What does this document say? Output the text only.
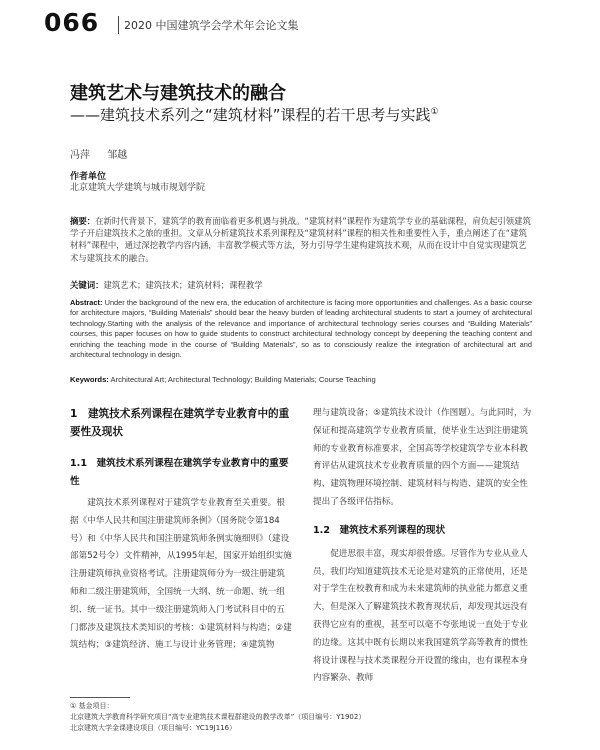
066 2020 中国建筑学会学术年会论文集
建筑艺术与建筑技术的融合
——建筑技术系列之“建筑材料”课程的若干思考与实践①
冯萍 邹越
作者单位
北京建筑大学建筑与城市规划学院
摘要：在新时代背景下，建筑学的教育面临着更多机遇与挑战。“建筑材料”课程作为建筑学专业的基础课程，肩负起引领建筑学子开启建筑技术之旅的重担。文章从分析建筑技术系列课程及“建筑材料”课程的相关性和重要性入手，重点阐述了在“建筑材料”课程中，通过深挖教学内容内涵，丰富教学模式等方法，努力引导学生建构建筑技术观，从而在设计中自觉实现建筑艺术与建筑技术的融合。
关键词：建筑艺术；建筑技术；建筑材料；课程教学
Abstract: Under the background of the new era, the education of architecture is facing more opportunities and challenges. As a basic course for architecture majors, “Building Materials” should bear the heavy burden of leading architectural students to start a journey of architectural technology.Starting with the analysis of the relevance and importance of architectural technology series courses and “Building Materials” courses, this paper focuses on how to guide students to construct architectural technology concept by deepening the teaching content and enriching the teaching mode in the course of “Building Materials”, so as to consciously realize the integration of architectural art and architectural technology in design.
Keywords: Architectural Art; Architectural Technology; Building Materials; Course Teaching
1　建筑技术系列课程在建筑学专业教育中的重要性及现状
1.1　建筑技术系列课程在建筑学专业教育中的重要性

建筑技术系列课程对于建筑学专业教育至关重要。根据《中华人民共和国注册建筑师条例》（国务院令第184号）和《中华人民共和国注册建筑师条例实施细则》（建设部第52号令）文件精神，从1995年起，国家开始组织实施注册建筑师执业资格考试。注册建筑师分为一级注册建筑师和二级注册建筑师，全国统一大纲、统一命题、统一组织、统一证书。其中一级注册建筑师入门考试科目中的五门都涉及建筑技术类知识的考核：①建筑材料与构造；②建筑结构；③建筑经济、施工与设计业务管理；④建筑物

理与建筑设备；⑤建筑技术设计（作图题）。与此同时，为保证和提高建筑学专业教育质量，使毕业生达到注册建筑师的专业教育标准要求，全国高等学校建筑学专业本科教育评估从建筑技术专业教育质量的四个方面——建筑结构、建筑物理环境控制、建筑材料与构造、建筑的安全性提出了各级评估指标。

1.2　建筑技术系列课程的现状

促进思很丰富，现实却很骨感。尽管作为专业从业人员，我们均知道建筑技术无论是对建筑的正常使用，还是对于学生在校教育和成为未来建筑师的执业能力都意义重大，但是深入了解建筑技术教育现状后，却发现其远没有获得它应有的重视，甚至可以毫不夸张地说一直处于专业的边缘。这其中既有长期以来我国建筑学高等教育的惯性将设计课程与技术类课程分开设置的缘由，也有课程本身内容繁杂、教师

① 基金项目：
北京建筑大学教育科学研究项目“高专业建筑技术课程群建设的教学改革”（项目编号：Y1902）
北京建筑大学金课建设项目（项目编号：YC19J116）
